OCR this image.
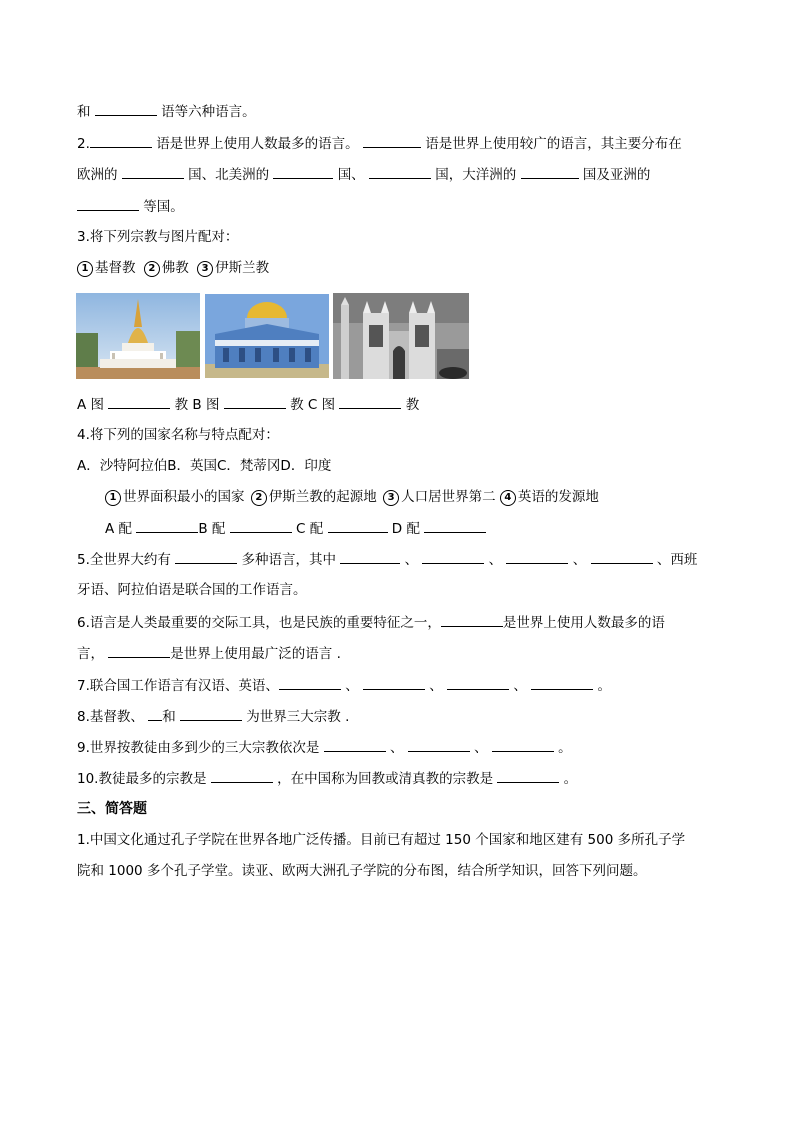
和	语等六种语言。
2.	语是世界上使用人数最多的语言。	语是世界上使用较广的语言，其主要分布在
欧洲的	国、北美洲的	国、	国，大洋洲的	国及亚洲的
等国。
3.将下列宗教与图片配对：
1 基督教 2 佛教 3 伊斯兰教
A 图	教 B 图	教 C 图	教
4.将下列的国家名称与特点配对：
A．沙特阿拉伯B．英国C．梵蒂冈D．印度
1 世界面积最小的国家 2 伊斯兰教的起源地 3 人口居世界第二 4 英语的发源地
A 配	B 配	C 配	D 配
5.全世界大约有	多种语言，其中	、	、	、	、西班
牙语、阿拉伯语是联合国的工作语言。
6.语言是人类最重要的交际工具，也是民族的重要特征之一，	是世界上使用人数最多的语
言，	是世界上使用最广泛的语言 .
7.联合国工作语言有汉语、英语、	、	、	、	。
8.基督教、 和	为世界三大宗教 .
9.世界按教徒由多到少的三大宗教依次是	、	、	。
10.教徒最多的宗教是	，在中国称为回教或清真教的宗教是	。
三、简答题
1.中国文化通过孔子学院在世界各地广泛传播。目前已有超过 150 个国家和地区建有 500 多所孔子学
院和 1000 多个孔子学堂。读亚、欧两大洲孔子学院的分布图，结合所学知识，回答下列问题。
